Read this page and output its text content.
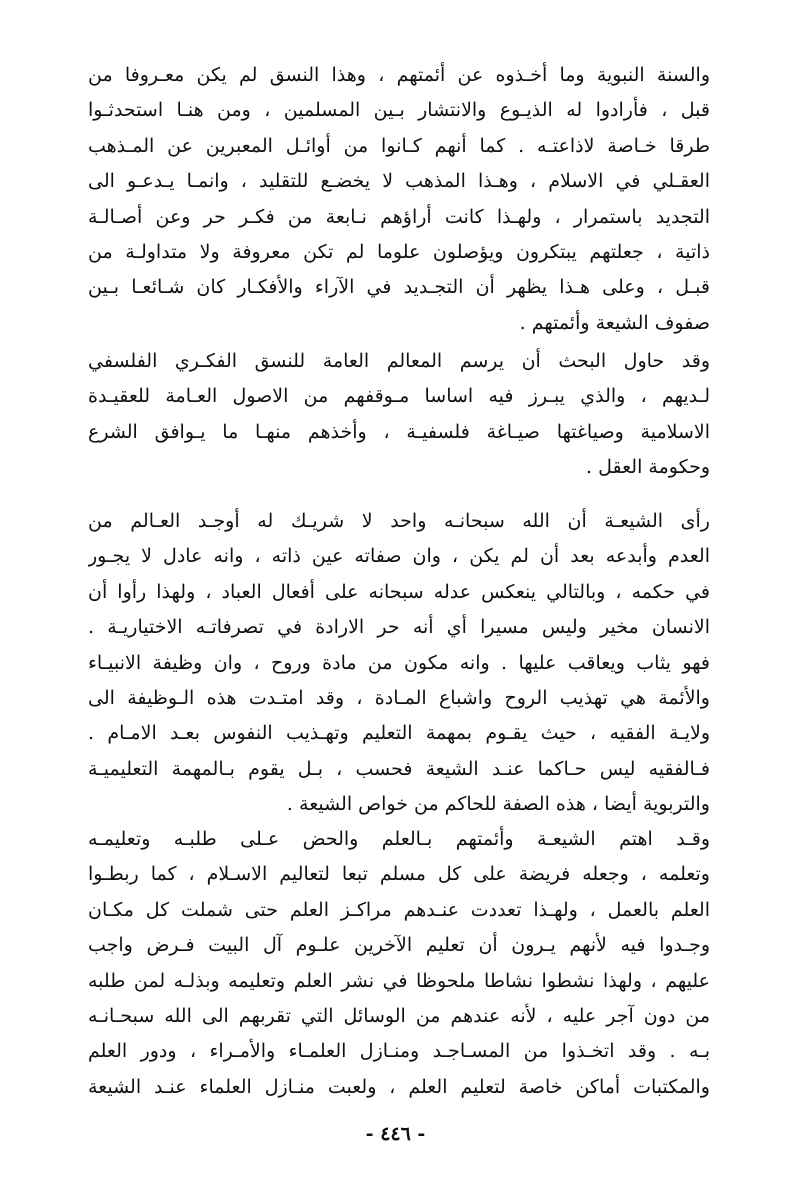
والسنة النبوية وما أخـذوه عن أئمتهم ، وهذا النسق لم يكن معـروفا من
قبل ، فأرادوا له الذيـوع والانتشار بـين المسلمين ، ومن هنـا استحدثـوا
طرقا خـاصة لاذاعتـه . كما أنهم كـانوا من أوائـل المعبرين عن المـذهب
العقـلي في الاسلام ، وهـذا المذهب لا يخضـع للتقليد ، وانمـا يـدعـو الى
التجديد باستمرار ، ولهـذا كانت أراؤهم نـابعة من فكـر حر وعن أصـالـة
ذاتية ، جعلتهم يبتكرون ويؤصلون علوما لم تكن معروفة ولا متداولـة من
قبـل ، وعلى هـذا يظهر أن التجـديد في الآراء والأفكـار كان شـائعـا بـين
صفوف الشيعة وأئمتهم .
وقد حاول البحث أن يرسم المعالم العامة للنسق الفكـري الفلسفي
لـديهم ، والذي يبـرز فيه اساسا مـوقفهم من الاصول العـامة للعقيـدة
الاسلامية وصياغتها صيـاغة فلسفيـة ، وأخذهم منهـا ما يـوافق الشرع
وحكومة العقل .
رأى الشيعـة أن الله سبحانـه واحد لا شريـك له أوجـد العـالم من
العدم وأبدعه بعد أن لم يكن ، وان صفاته عين ذاته ، وانه عادل لا يجـور
في حكمه ، وبالتالي ينعكس عدله سبحانه على أفعال العباد ، ولهذا رأوا أن
الانسان مخير وليس مسيرا أي أنه حر الارادة في تصرفاتـه الاختياريـة .
فهو يثاب ويعاقب عليها . وانه مكون من مادة وروح ، وان وظيفة الانبيـاء
والأئمة هي تهذيب الروح واشباع المـادة ، وقد امتـدت هذه الـوظيفة الى
ولايـة الفقيه ، حيث يقـوم بمهمة التعليم وتهـذيب النفوس بعـد الامـام .
فـالفقيه ليس حـاكما عنـد الشيعة فحسب ، بـل يقوم بـالمهمة التعليميـة
والتربوية أيضا ، هذه الصفة للحاكم من خواص الشيعة .
وقـد اهتم الشيعـة وأئمتهم بـالعلم والحض عـلى طلبـه وتعليمـه
وتعلمه ، وجعله فريضة على كل مسلم تبعا لتعاليم الاسـلام ، كما ربطـوا
العلم بالعمل ، ولهـذا تعددت عنـدهم مراكـز العلم حتى شملت كل مكـان
وجـدوا فيه لأنهم يـرون أن تعليم الآخرين علـوم آل البيت فـرض واجب
عليهم ، ولهذا نشطوا نشاطا ملحوظا في نشر العلم وتعليمه وبذلـه لمن طلبه
من دون آجر عليه ، لأنه عندهم من الوسائل التي تقربهم الى الله سبحـانـه
بـه . وقد اتخـذوا من المسـاجـد ومنـازل العلمـاء والأمـراء ، ودور العلم
والمكتبات أماكن خاصة لتعليم العلم ، ولعبت منـازل العلماء عنـد الشيعة
- ٤٤٦ -
